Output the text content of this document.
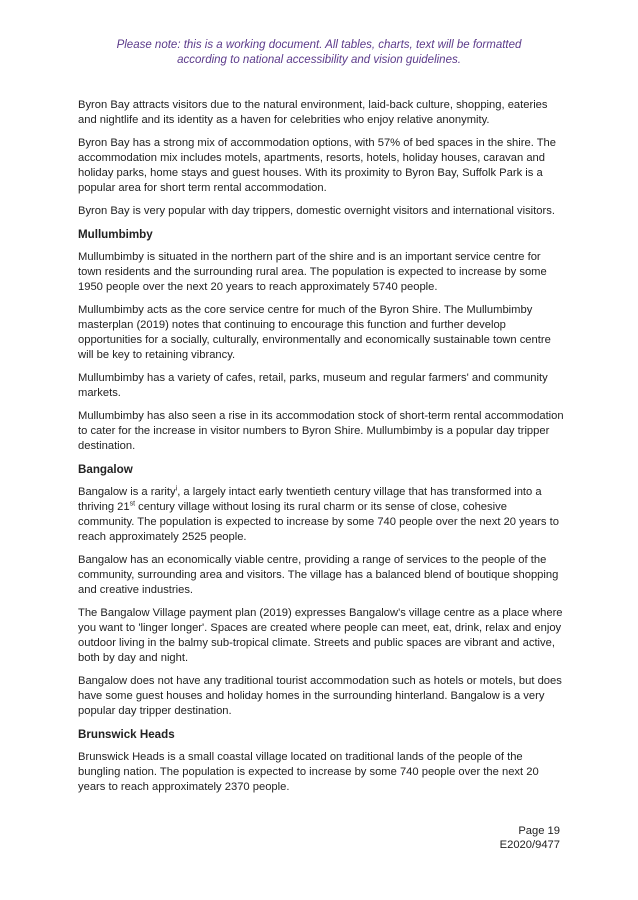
Please note: this is a working document. All tables, charts, text will be formatted
according to national accessibility and vision guidelines.

Byron Bay attracts visitors due to the natural environment, laid-back culture, shopping, eateries and nightlife and its identity as a haven for celebrities who enjoy relative anonymity.

Byron Bay has a strong mix of accommodation options, with 57% of bed spaces in the shire. The accommodation mix includes motels, apartments, resorts, hotels, holiday houses, caravan and holiday parks, home stays and guest houses. With its proximity to Byron Bay, Suffolk Park is a popular area for short term rental accommodation.

Byron Bay is very popular with day trippers, domestic overnight visitors and international visitors.

Mullumbimby

Mullumbimby is situated in the northern part of the shire and is an important service centre for town residents and the surrounding rural area. The population is expected to increase by some 1950 people over the next 20 years to reach approximately 5740 people.

Mullumbimby acts as the core service centre for much of the Byron Shire. The Mullumbimby masterplan (2019) notes that continuing to encourage this function and further develop opportunities for a socially, culturally, environmentally and economically sustainable town centre will be key to retaining vibrancy.

Mullumbimby has a variety of cafes, retail, parks, museum and regular farmers' and community markets.

Mullumbimby has also seen a rise in its accommodation stock of short-term rental accommodation to cater for the increase in visitor numbers to Byron Shire. Mullumbimby is a popular day tripper destination.

Bangalow

Bangalow is a rarity$^i$, a largely intact early twentieth century village that has transformed into a thriving 21st century village without losing its rural charm or its sense of close, cohesive community. The population is expected to increase by some 740 people over the next 20 years to reach approximately 2525 people.

Bangalow has an economically viable centre, providing a range of services to the people of the community, surrounding area and visitors. The village has a balanced blend of boutique shopping and creative industries.

The Bangalow Village payment plan (2019) expresses Bangalow's village centre as a place where you want to 'linger longer'. Spaces are created where people can meet, eat, drink, relax and enjoy outdoor living in the balmy sub-tropical climate. Streets and public spaces are vibrant and active, both by day and night.

Bangalow does not have any traditional tourist accommodation such as hotels or motels, but does have some guest houses and holiday homes in the surrounding hinterland. Bangalow is a very popular day tripper destination.

Brunswick Heads

Brunswick Heads is a small coastal village located on traditional lands of the people of the bungling nation. The population is expected to increase by some 740 people over the next 20 years to reach approximately 2370 people.

Page 19
E2020/9477
